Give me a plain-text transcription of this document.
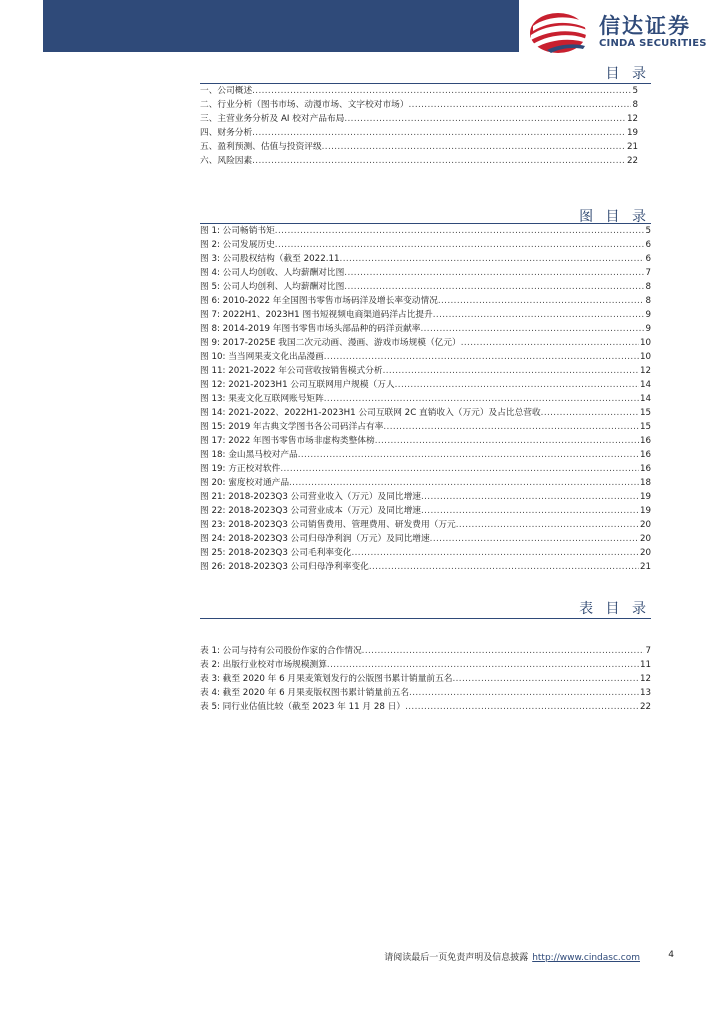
信达证券
CINDA SECURITIES
目 录
一、公司概述 .....	5
二、行业分析（图书市场、动漫市场、文字校对市场） .....	8
三、主营业务分析及 AI 校对产品布局 .....	12
四、财务分析 .....	19
五、盈利预测、估值与投资评级 .....	21
六、风险因素 .....	22
图 目 录
图 1: 公司畅销书矩 .....	5
图 2: 公司发展历史 .....	6
图 3: 公司股权结构（截至 2022.11 .....	6
图 4: 公司人均创收、人均薪酬对比图 .....	7
图 5: 公司人均创利、人均薪酬对比图 .....	8
图 6: 2010-2022 年全国图书零售市场码洋及增长率变动情况 .....	8
图 7: 2022H1、2023H1 图书短视频电商渠道码洋占比提升 .....	9
图 8: 2014-2019 年图书零售市场头部品种的码洋贡献率 .....	9
图 9: 2017-2025E 我国二次元动画、漫画、游戏市场规模（亿元） .....	10
图 10: 当当网果麦文化出品漫画 .....	10
图 11: 2021-2022 年公司营收按销售模式分析 .....	12
图 12: 2021-2023H1 公司互联网用户规模（万人 .....	14
图 13: 果麦文化互联网账号矩阵 .....	14
图 14: 2021-2022、2022H1-2023H1 公司互联网 2C 直销收入（万元）及占比总营收 .....	15
图 15: 2019 年古典文学图书各公司码洋占有率 .....	15
图 17: 2022 年图书零售市场非虚构类整体榜 .....	16
图 18: 金山黑马校对产品 .....	16
图 19: 方正校对软件 .....	16
图 20: 蜜度校对通产品 .....	18
图 21: 2018-2023Q3 公司营业收入（万元）及同比增速 .....	19
图 22: 2018-2023Q3 公司营业成本（万元）及同比增速 .....	19
图 23: 2018-2023Q3 公司销售费用、管理费用、研发费用（万元 .....	20
图 24: 2018-2023Q3 公司归母净利润（万元）及同比增速 .....	20
图 25: 2018-2023Q3 公司毛利率变化 .....	20
图 26: 2018-2023Q3 公司归母净利率变化 .....	21
表 目 录
表 1: 公司与持有公司股份作家的合作情况 .....	7
表 2: 出版行业校对市场规模测算 .....	11
表 3: 截至 2020 年 6 月果麦策划发行的公版图书累计销量前五名 .....	12
表 4: 截至 2020 年 6 月果麦版权图书累计销量前五名 .....	13
表 5: 同行业估值比较（截至 2023 年 11 月 28 日） .....	22
请阅读最后一页免责声明及信息披露 http://www.cindasc.com	4
